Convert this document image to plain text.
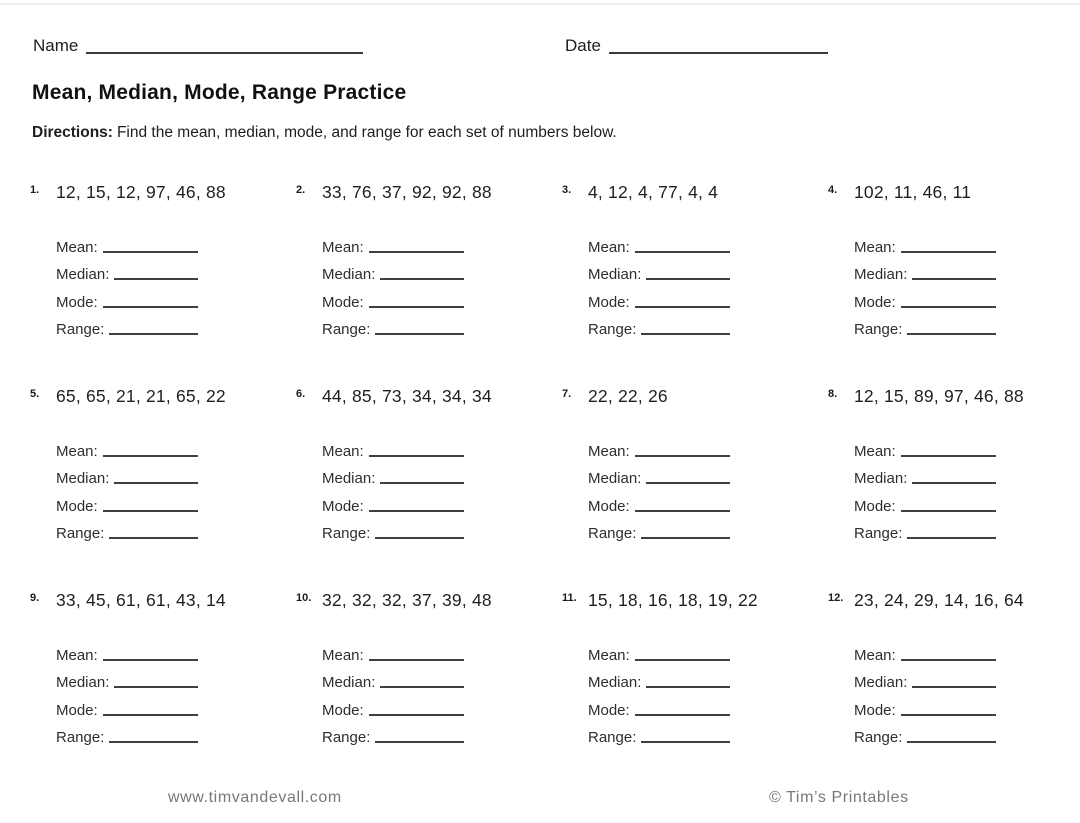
Name	Date
Mean, Median, Mode, Range Practice
Directions: Find the mean, median, mode, and range for each set of numbers below.
1. 12, 15, 12, 97, 46, 88
Mean:
Median:
Mode:
Range:
2. 33, 76, 37, 92, 92, 88
Mean:
Median:
Mode:
Range:
3. 4, 12, 4, 77, 4, 4
Mean:
Median:
Mode:
Range:
4. 102, 11, 46, 11
Mean:
Median:
Mode:
Range:
5. 65, 65, 21, 21, 65, 22
Mean:
Median:
Mode:
Range:
6. 44, 85, 73, 34, 34, 34
Mean:
Median:
Mode:
Range:
7. 22, 22, 26
Mean:
Median:
Mode:
Range:
8. 12, 15, 89, 97, 46, 88
Mean:
Median:
Mode:
Range:
9. 33, 45, 61, 61, 43, 14
Mean:
Median:
Mode:
Range:
10. 32, 32, 32, 37, 39, 48
Mean:
Median:
Mode:
Range:
11. 15, 18, 16, 18, 19, 22
Mean:
Median:
Mode:
Range:
12. 23, 24, 29, 14, 16, 64
Mean:
Median:
Mode:
Range:
www.timvandevall.com	© Tim’s Printables
